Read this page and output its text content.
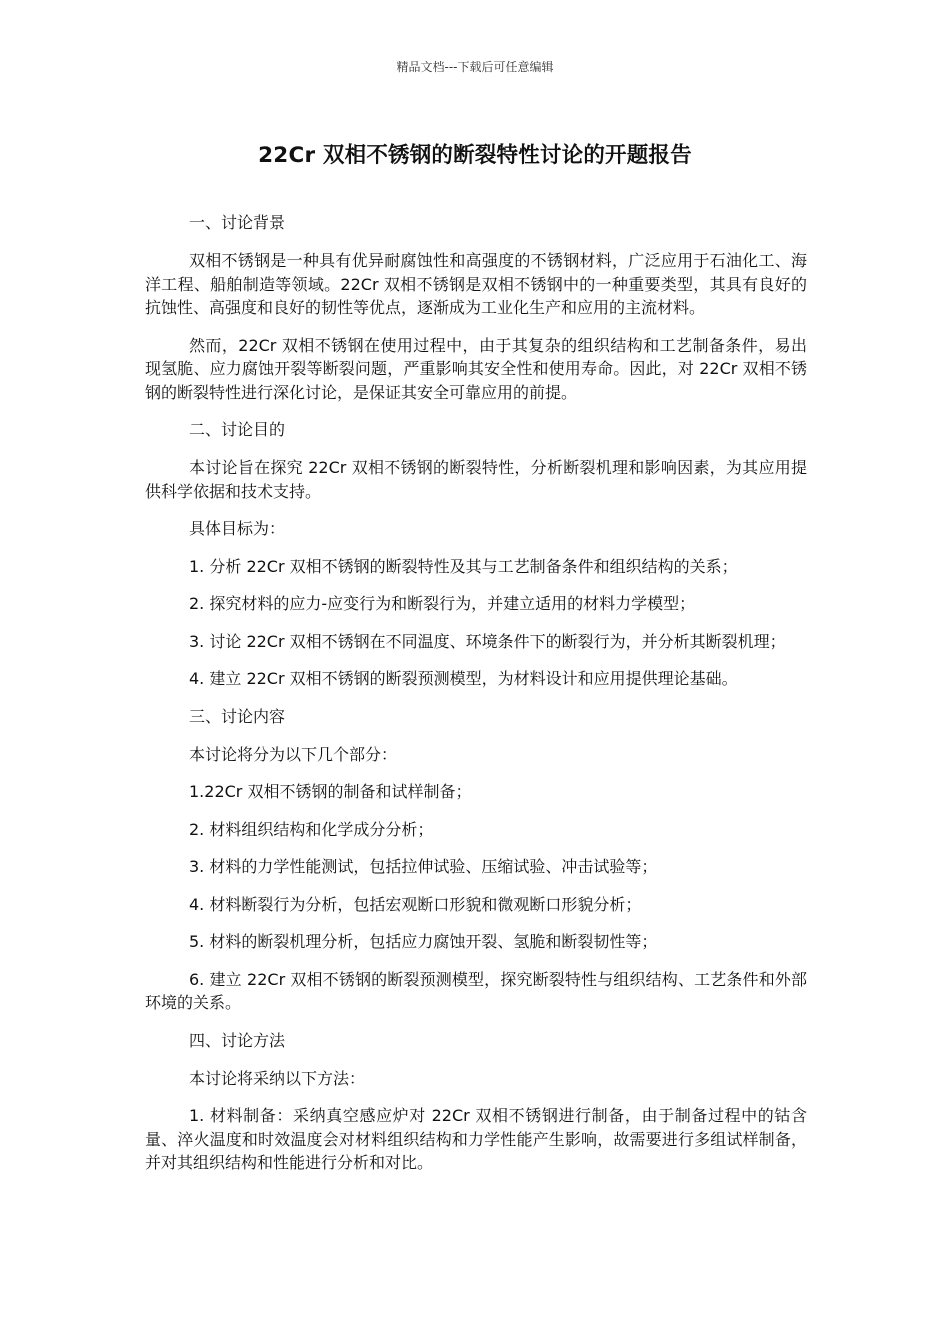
精品文档---下载后可任意编辑
22Cr 双相不锈钢的断裂特性讨论的开题报告

一、讨论背景

双相不锈钢是一种具有优异耐腐蚀性和高强度的不锈钢材料，广泛应用于石油化工、海洋工程、船舶制造等领域。22Cr 双相不锈钢是双相不锈钢中的一种重要类型，其具有良好的抗蚀性、高强度和良好的韧性等优点，逐渐成为工业化生产和应用的主流材料。

然而，22Cr 双相不锈钢在使用过程中，由于其复杂的组织结构和工艺制备条件，易出现氢脆、应力腐蚀开裂等断裂问题，严重影响其安全性和使用寿命。因此，对 22Cr 双相不锈钢的断裂特性进行深化讨论，是保证其安全可靠应用的前提。

二、讨论目的

本讨论旨在探究 22Cr 双相不锈钢的断裂特性，分析断裂机理和影响因素，为其应用提供科学依据和技术支持。

具体目标为：

1. 分析 22Cr 双相不锈钢的断裂特性及其与工艺制备条件和组织结构的关系；

2. 探究材料的应力-应变行为和断裂行为，并建立适用的材料力学模型；

3. 讨论 22Cr 双相不锈钢在不同温度、环境条件下的断裂行为，并分析其断裂机理；

4. 建立 22Cr 双相不锈钢的断裂预测模型，为材料设计和应用提供理论基础。

三、讨论内容

本讨论将分为以下几个部分：

1.22Cr 双相不锈钢的制备和试样制备；

2. 材料组织结构和化学成分分析；

3. 材料的力学性能测试，包括拉伸试验、压缩试验、冲击试验等；

4. 材料断裂行为分析，包括宏观断口形貌和微观断口形貌分析；

5. 材料的断裂机理分析，包括应力腐蚀开裂、氢脆和断裂韧性等；

6. 建立 22Cr 双相不锈钢的断裂预测模型，探究断裂特性与组织结构、工艺条件和外部环境的关系。

四、讨论方法

本讨论将采纳以下方法：

1. 材料制备：采纳真空感应炉对 22Cr 双相不锈钢进行制备，由于制备过程中的钴含量、淬火温度和时效温度会对材料组织结构和力学性能产生影响，故需要进行多组试样制备，并对其组织结构和性能进行分析和对比。
